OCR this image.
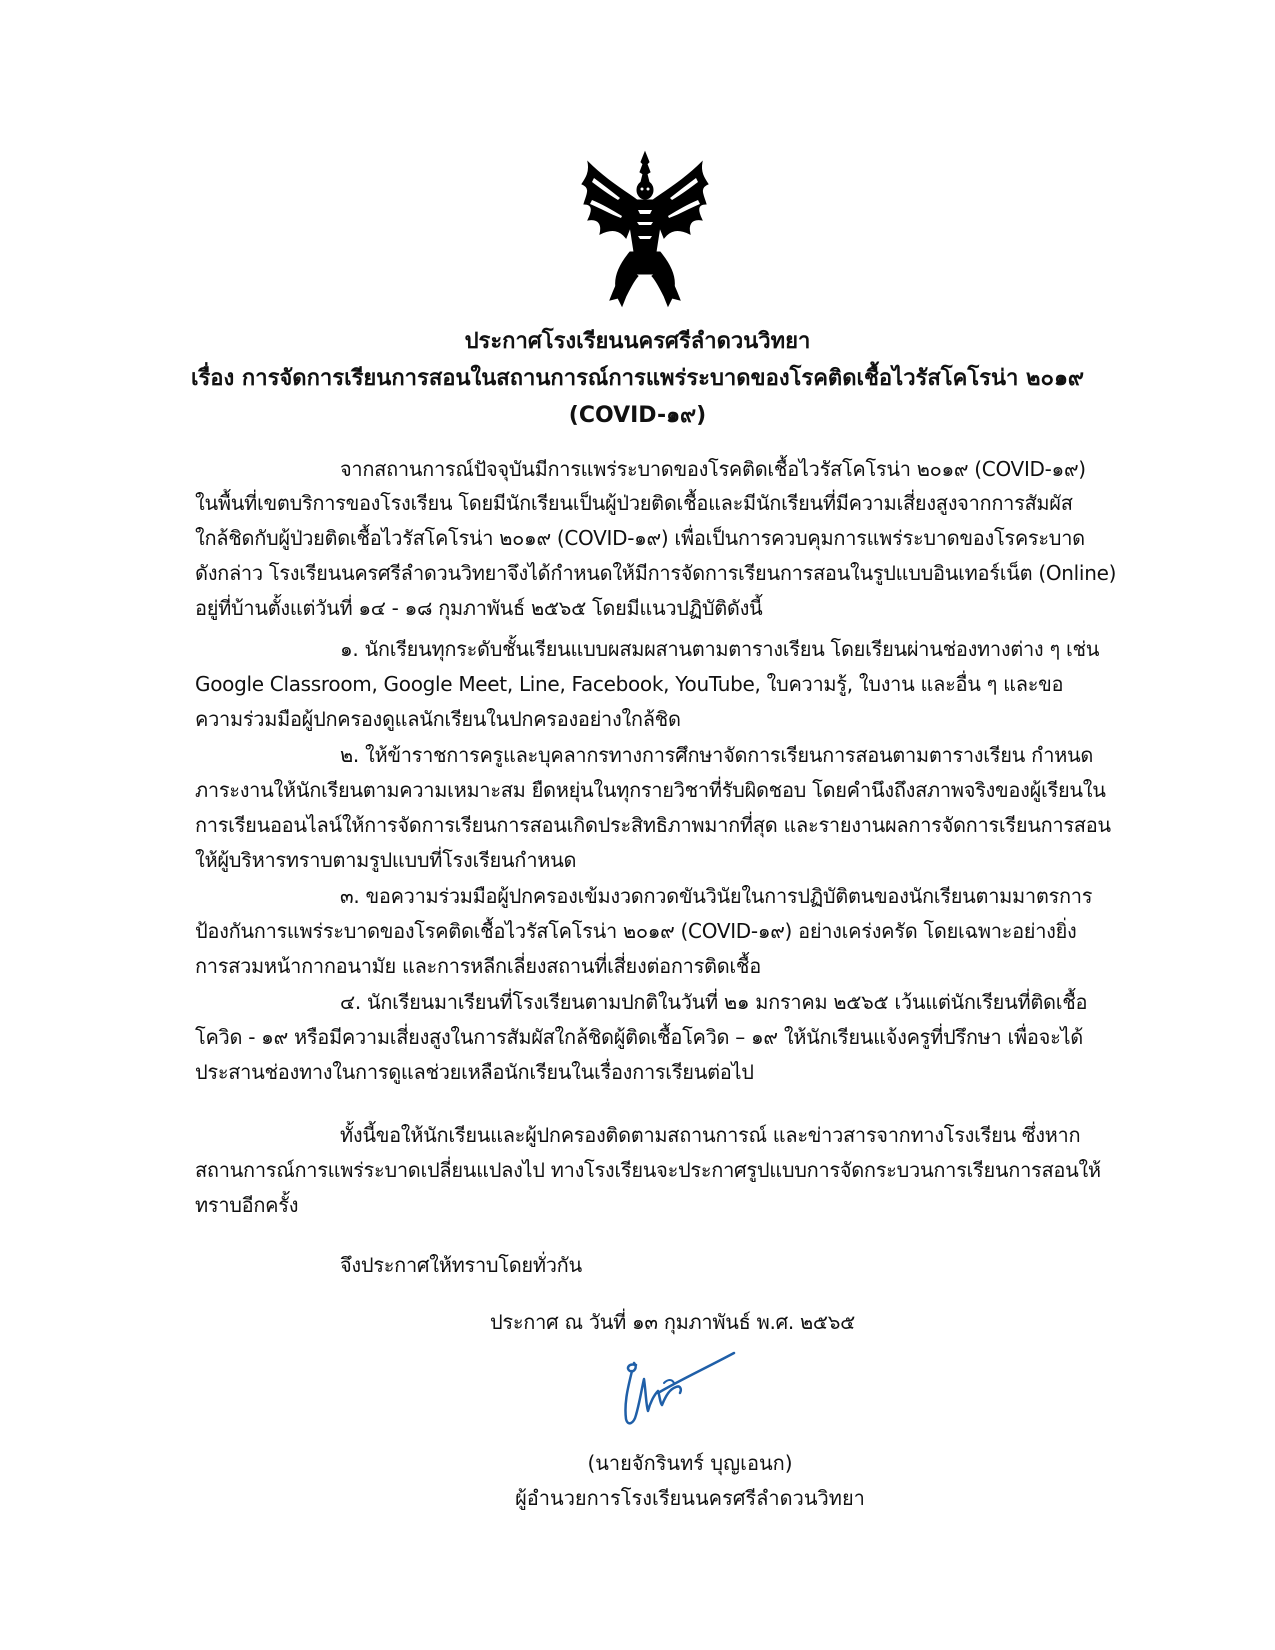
ประกาศโรงเรียนนครศรีลำดวนวิทยา
เรื่อง การจัดการเรียนการสอนในสถานการณ์การแพร่ระบาดของโรคติดเชื้อไวรัสโคโรน่า ๒๐๑๙
(COVID-๑๙)
จากสถานการณ์ปัจจุบันมีการแพร่ระบาดของโรคติดเชื้อไวรัสโคโรน่า ๒๐๑๙ (COVID-๑๙)
ในพื้นที่เขตบริการของโรงเรียน โดยมีนักเรียนเป็นผู้ป่วยติดเชื้อและมีนักเรียนที่มีความเสี่ยงสูงจากการสัมผัส
ใกล้ชิดกับผู้ป่วยติดเชื้อไวรัสโคโรน่า ๒๐๑๙ (COVID-๑๙) เพื่อเป็นการควบคุมการแพร่ระบาดของโรคระบาด
ดังกล่าว โรงเรียนนครศรีลำดวนวิทยาจึงได้กำหนดให้มีการจัดการเรียนการสอนในรูปแบบอินเทอร์เน็ต (Online)
อยู่ที่บ้านตั้งแต่วันที่ ๑๔ - ๑๘ กุมภาพันธ์ ๒๕๖๕ โดยมีแนวปฏิบัติดังนี้
๑. นักเรียนทุกระดับชั้นเรียนแบบผสมผสานตามตารางเรียน โดยเรียนผ่านช่องทางต่าง ๆ เช่น
Google Classroom, Google Meet, Line, Facebook, YouTube, ใบความรู้, ใบงาน และอื่น ๆ และขอ
ความร่วมมือผู้ปกครองดูแลนักเรียนในปกครองอย่างใกล้ชิด
๒. ให้ข้าราชการครูและบุคลากรทางการศึกษาจัดการเรียนการสอนตามตารางเรียน กำหนด
ภาระงานให้นักเรียนตามความเหมาะสม ยืดหยุ่นในทุกรายวิชาที่รับผิดชอบ โดยคำนึงถึงสภาพจริงของผู้เรียนใน
การเรียนออนไลน์ให้การจัดการเรียนการสอนเกิดประสิทธิภาพมากที่สุด และรายงานผลการจัดการเรียนการสอน
ให้ผู้บริหารทราบตามรูปแบบที่โรงเรียนกำหนด
๓. ขอความร่วมมือผู้ปกครองเข้มงวดกวดขันวินัยในการปฏิบัติตนของนักเรียนตามมาตรการ
ป้องกันการแพร่ระบาดของโรคติดเชื้อไวรัสโคโรน่า ๒๐๑๙ (COVID-๑๙) อย่างเคร่งครัด โดยเฉพาะอย่างยิ่ง
การสวมหน้ากากอนามัย และการหลีกเลี่ยงสถานที่เสี่ยงต่อการติดเชื้อ
๔. นักเรียนมาเรียนที่โรงเรียนตามปกติในวันที่ ๒๑ มกราคม ๒๕๖๕ เว้นแต่นักเรียนที่ติดเชื้อ
โควิด - ๑๙ หรือมีความเสี่ยงสูงในการสัมผัสใกล้ชิดผู้ติดเชื้อโควิด – ๑๙ ให้นักเรียนแจ้งครูที่ปรึกษา เพื่อจะได้
ประสานช่องทางในการดูแลช่วยเหลือนักเรียนในเรื่องการเรียนต่อไป
ทั้งนี้ขอให้นักเรียนและผู้ปกครองติดตามสถานการณ์ และข่าวสารจากทางโรงเรียน ซึ่งหาก
สถานการณ์การแพร่ระบาดเปลี่ยนแปลงไป ทางโรงเรียนจะประกาศรูปแบบการจัดกระบวนการเรียนการสอนให้
ทราบอีกครั้ง
จึงประกาศให้ทราบโดยทั่วกัน
ประกาศ ณ วันที่ ๑๓ กุมภาพันธ์ พ.ศ. ๒๕๖๕
(นายจักรินทร์ บุญเอนก)
ผู้อำนวยการโรงเรียนนครศรีลำดวนวิทยา
